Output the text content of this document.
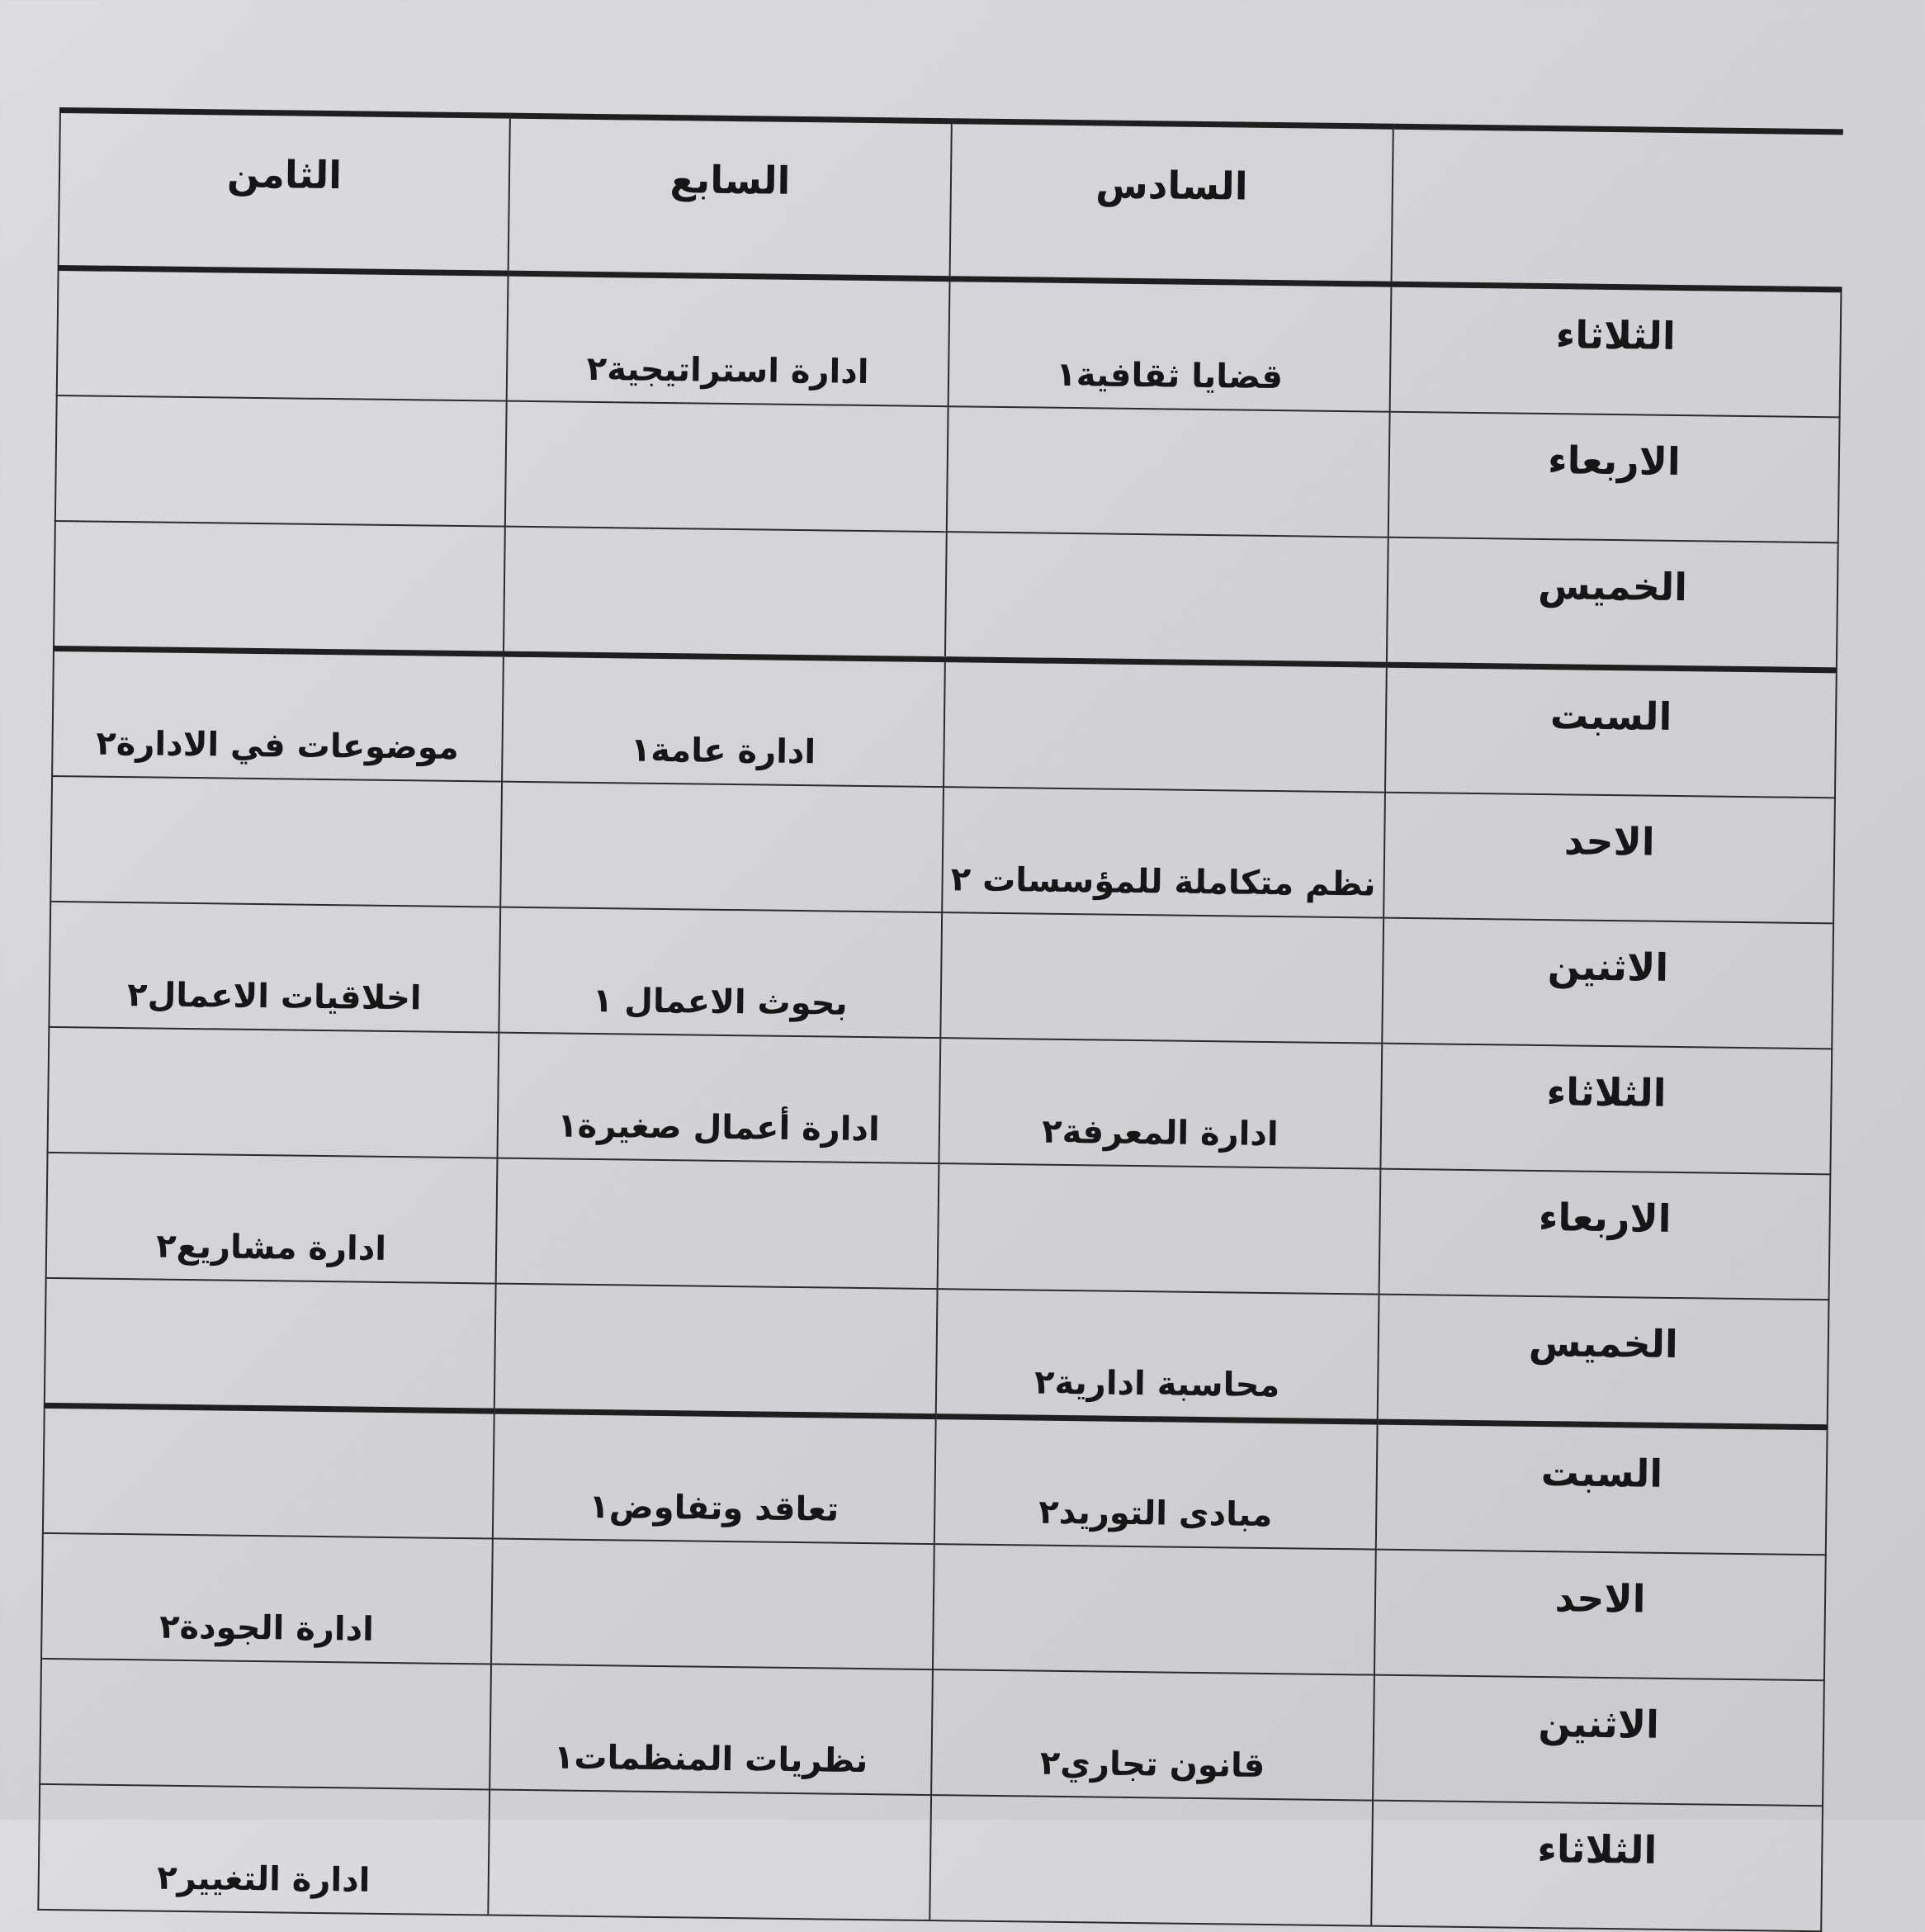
الثامن	السابع	السادس	
	ادارة استراتيجية٢	قضايا ثقافية١	الثلاثاء
			الاربعاء
			الخميس
موضوعات في الادارة٢	ادارة عامة١		السبت
		نظم متكاملة للمؤسسات ٢	الاحد
اخلاقيات الاعمال٢	بحوث الاعمال ١		الاثنين
	ادارة أعمال صغيرة١	ادارة المعرفة٢	الثلاثاء
ادارة مشاريع٢			الاربعاء
		محاسبة ادارية٢	الخميس
	تعاقد وتفاوض١	مبادى التوريد٢	السبت
ادارة الجودة٢			الاحد
	نظريات المنظمات١	قانون تجاري٢	الاثنين
ادارة التغيير٢			الثلاثاء
